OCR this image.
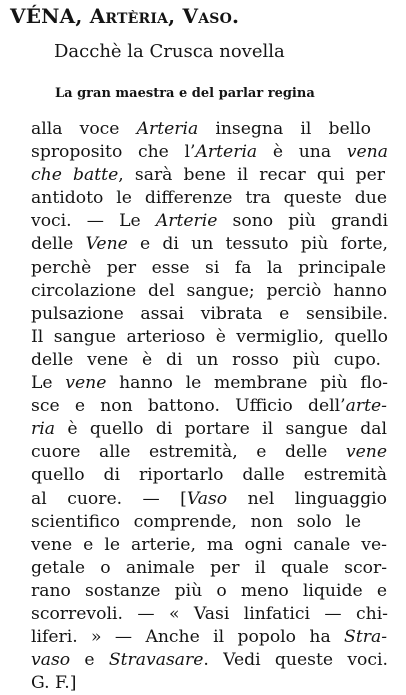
VÉNA, Artèria, Vaso.
Dacchè la Crusca novella
La gran maestra e del parlar regina
alla voce Arteria insegna il bello
sproposito che l’Arteria è una vena
che batte, sarà bene il recar qui per
antidoto le differenze tra queste due
voci. — Le Arterie sono più grandi
delle Vene e di un tessuto più forte,
perchè per esse si fa la principale
circolazione del sangue; perciò hanno
pulsazione assai vibrata e sensibile.
Il sangue arterioso è vermiglio, quello
delle vene è di un rosso più cupo.
Le vene hanno le membrane più flo-
sce e non battono. Ufficio dell’arte-
ria è quello di portare il sangue dal
cuore alle estremità, e delle vene
quello di riportarlo dalle estremità
al cuore. — [Vaso nel linguaggio
scientifico comprende, non solo le
vene e le arterie, ma ogni canale ve-
getale o animale per il quale scor-
rano sostanze più o meno liquide e
scorrevoli. — « Vasi linfatici — chi-
liferi. » — Anche il popolo ha Stra-
vaso e Stravasare. Vedi queste voci.
G. F.]
